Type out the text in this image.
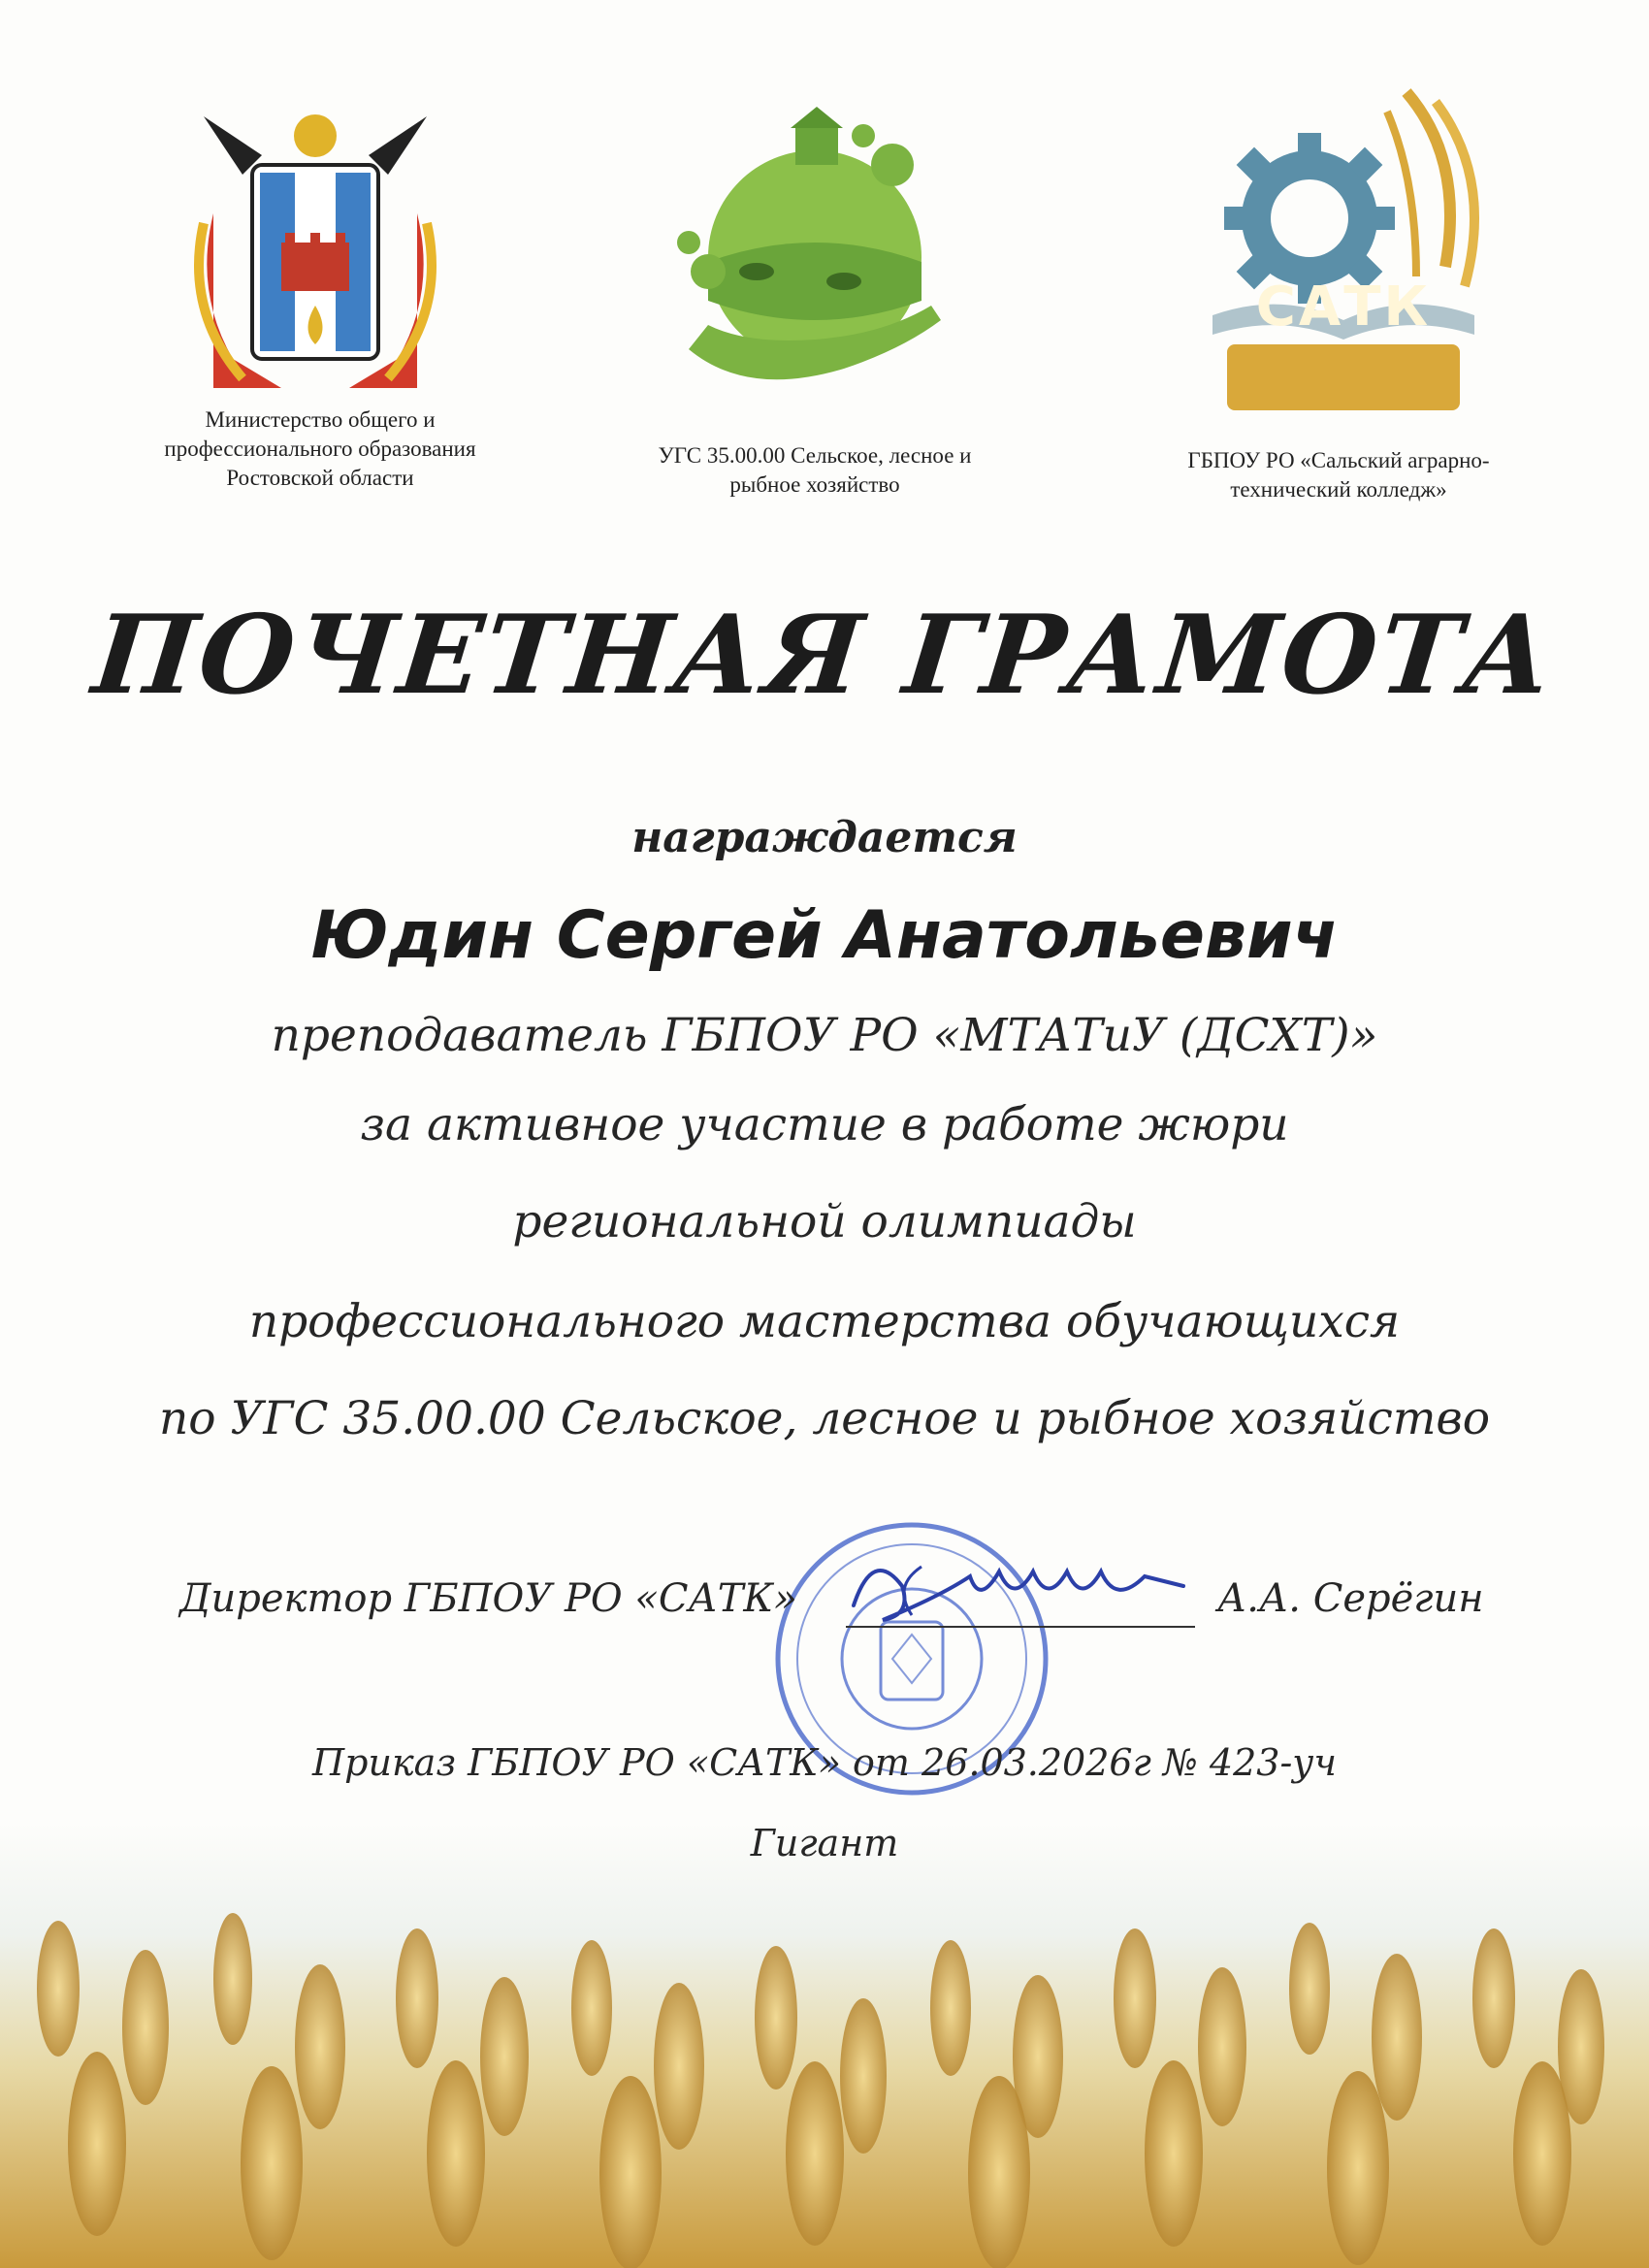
САТК
Министерство общего и
профессионального образования
Ростовской области
УГС 35.00.00 Сельское, лесное и
рыбное хозяйство
ГБПОУ РО «Сальский аграрно-
технический колледж»
ПОЧЕТНАЯ ГРАМОТА
награждается
Юдин Сергей Анатольевич
преподаватель ГБПОУ РО «МТАТиУ (ДСХТ)»
за активное участие в работе жюри
региональной олимпиады
профессионального мастерства обучающихся
по УГС 35.00.00 Сельское, лесное и рыбное хозяйство
Директор ГБПОУ РО «САТК»	А.А. Серёгин
Приказ ГБПОУ РО «САТК» от 26.03.2026г № 423-уч
Гигант
